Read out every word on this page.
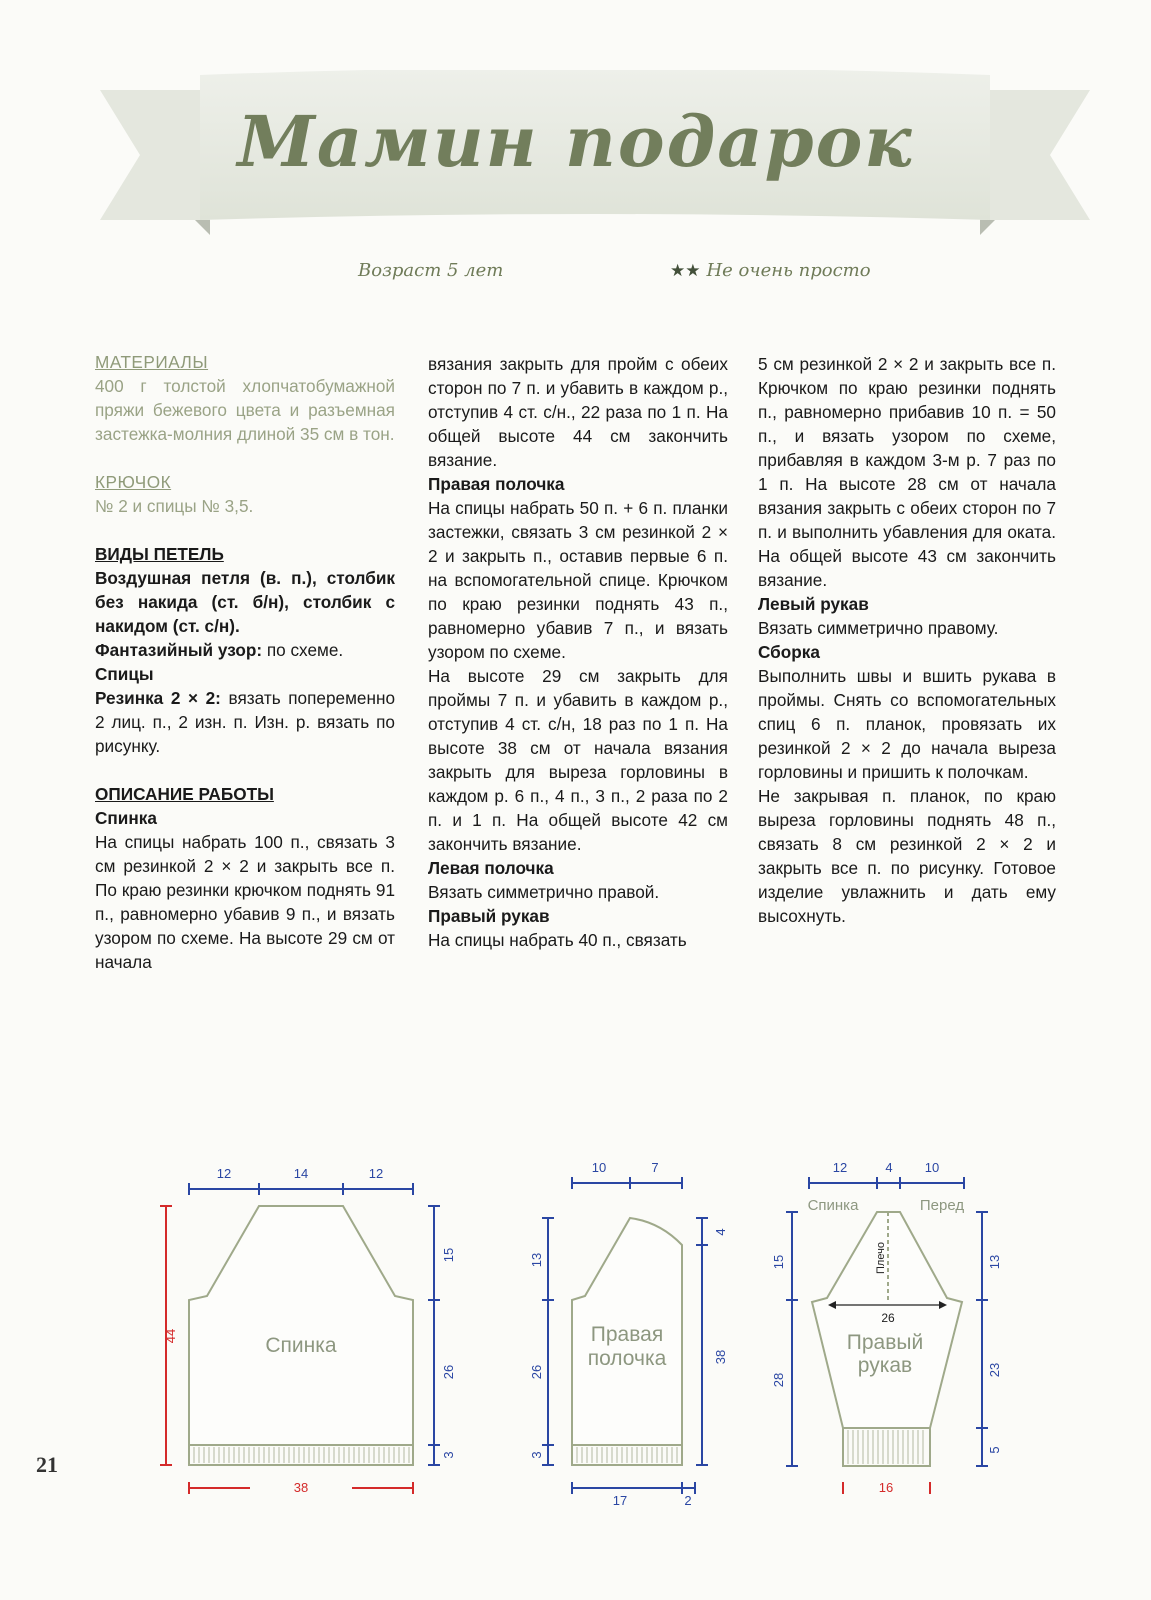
Мамин подарок
Возраст 5 лет	★★ Не очень просто

МАТЕРИАЛЫ

400 г толстой хлопчатобумажной пряжи бежевого цвета и разъемная застежка-молния длиной 35 см в тон.

КРЮЧОК

№ 2 и спицы № 3,5.

ВИДЫ ПЕТЕЛЬ

Воздушная петля (в. п.), столбик без накида (ст. б/н), столбик с накидом (ст. с/н).

Фантазийный узор: по схеме.

Спицы

Резинка 2 × 2: вязать попеременно 2 лиц. п., 2 изн. п. Изн. р. вязать по рисунку.

ОПИСАНИЕ РАБОТЫ

Спинка

На спицы набрать 100 п., связать 3 см резинкой 2 × 2 и закрыть все п. По краю резинки крючком поднять 91 п., равномерно убавив 9 п., и вязать узором по схеме. На высоте 29 см от начала

вязания закрыть для пройм с обеих сторон по 7 п. и убавить в каждом р., отступив 4 ст. с/н., 22 раза по 1 п. На общей высоте 44 см закончить вязание.

Правая полочка

На спицы набрать 50 п. + 6 п. планки застежки, связать 3 см резинкой 2 × 2 и закрыть п., оставив первые 6 п. на вспомогательной спице. Крючком по краю резинки поднять 43 п., равномерно убавив 7 п., и вязать узором по схеме.

На высоте 29 см закрыть для проймы 7 п. и убавить в каждом р., отступив 4 ст. с/н, 18 раз по 1 п. На высоте 38 см от начала вязания закрыть для выреза горловины в каждом р. 6 п., 4 п., 3 п., 2 раза по 2 п. и 1 п. На общей высоте 42 см закончить вязание.

Левая полочка

Вязать симметрично правой.

Правый рукав

На спицы набрать 40 п., связать

5 см резинкой 2 × 2 и закрыть все п. Крючком по краю резинки поднять п., равномерно прибавив 10 п. = 50 п., и вязать узором по схеме, прибавляя в каждом 3-м р. 7 раз по 1 п. На высоте 28 см от начала вязания закрыть с обеих сторон по 7 п. и выполнить убавления для оката. На общей высоте 43 см закончить вязание.

Левый рукав

Вязать симметрично правому.

Сборка

Выполнить швы и вшить рукава в проймы. Снять со вспомогательных спиц 6 п. планок, провязать их резинкой 2 × 2 до начала выреза горловины и пришить к полочкам.

Не закрывая п. планок, по краю выреза горловины поднять 48 п., связать 8 см резинкой 2 × 2 и закрыть все п. по рисунку. Готовое изделие увлажнить и дать ему высохнуть.

12	14	12
15
26
3
10	7
13
26
3
4
38
17	2
12	4 10
15
28
13
23
5
44
38	16
Спинка	Правая
полочка
Правый
рукав
Спинка	Перед
Плечо
26
21
